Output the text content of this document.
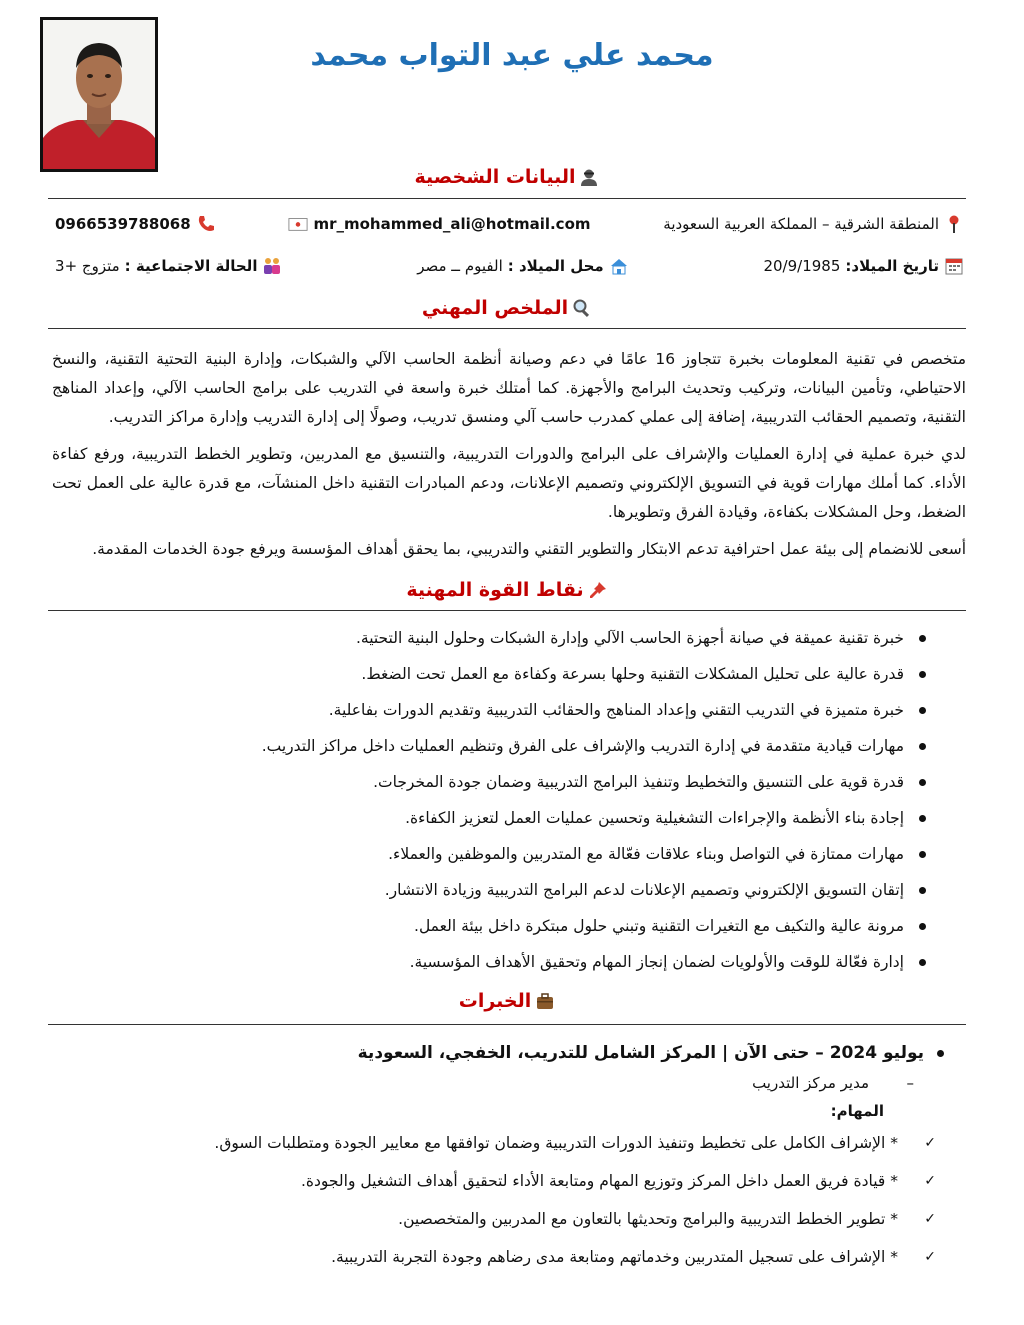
محمد علي عبد التواب محمد
البيانات الشخصية
المنطقة الشرقية – المملكة العربية السعودية
mr_mohammed_ali@hotmail.com
0966539788068
تاريخ الميلاد:
20/9/1985
محل الميلاد :
الفيوم ــ مصر
الحالة الاجتماعية :
متزوج +3
الملخص المهني

متخصص في تقنية المعلومات بخبرة تتجاوز 16 عامًا في دعم وصيانة أنظمة الحاسب الآلي والشبكات، وإدارة البنية التحتية التقنية، والنسخ الاحتياطي، وتأمين البيانات، وتركيب وتحديث البرامج والأجهزة. كما أمتلك خبرة واسعة في التدريب على برامج الحاسب الآلي، وإعداد المناهج التقنية، وتصميم الحقائب التدريبية، إضافة إلى عملي كمدرب حاسب آلي ومنسق تدريب، وصولًا إلى إدارة التدريب وإدارة مراكز التدريب.

لدي خبرة عملية في إدارة العمليات والإشراف على البرامج والدورات التدريبية، والتنسيق مع المدربين، وتطوير الخطط التدريبية، ورفع كفاءة الأداء. كما أملك مهارات قوية في التسويق الإلكتروني وتصميم الإعلانات، ودعم المبادرات التقنية داخل المنشآت، مع قدرة عالية على العمل تحت الضغط، وحل المشكلات بكفاءة، وقيادة الفرق وتطويرها.

أسعى للانضمام إلى بيئة عمل احترافية تدعم الابتكار والتطوير التقني والتدريبي، بما يحقق أهداف المؤسسة ويرفع جودة الخدمات المقدمة.

نقاط القوة المهنية
خبرة تقنية عميقة في صيانة أجهزة الحاسب الآلي وإدارة الشبكات وحلول البنية التحتية.
قدرة عالية على تحليل المشكلات التقنية وحلها بسرعة وكفاءة مع العمل تحت الضغط.
خبرة متميزة في التدريب التقني وإعداد المناهج والحقائب التدريبية وتقديم الدورات بفاعلية.
مهارات قيادية متقدمة في إدارة التدريب والإشراف على الفرق وتنظيم العمليات داخل مراكز التدريب.
قدرة قوية على التنسيق والتخطيط وتنفيذ البرامج التدريبية وضمان جودة المخرجات.
إجادة بناء الأنظمة والإجراءات التشغيلية وتحسين عمليات العمل لتعزيز الكفاءة.
مهارات ممتازة في التواصل وبناء علاقات فعّالة مع المتدربين والموظفين والعملاء.
إتقان التسويق الإلكتروني وتصميم الإعلانات لدعم البرامج التدريبية وزيادة الانتشار.
مرونة عالية والتكيف مع التغيرات التقنية وتبني حلول مبتكرة داخل بيئة العمل.
إدارة فعّالة للوقت والأولويات لضمان إنجاز المهام وتحقيق الأهداف المؤسسية.
الخبرات
يوليو 2024 – حتى الآن | المركز الشامل للتدريب، الخفجي، السعودية
–
مدير مركز التدريب
المهام:
✓
* الإشراف الكامل على تخطيط وتنفيذ الدورات التدريبية وضمان توافقها مع معايير الجودة ومتطلبات السوق.
✓
* قيادة فريق العمل داخل المركز وتوزيع المهام ومتابعة الأداء لتحقيق أهداف التشغيل والجودة.
✓
* تطوير الخطط التدريبية والبرامج وتحديثها بالتعاون مع المدربين والمتخصصين.
✓
* الإشراف على تسجيل المتدربين وخدماتهم ومتابعة مدى رضاهم وجودة التجربة التدريبية.
